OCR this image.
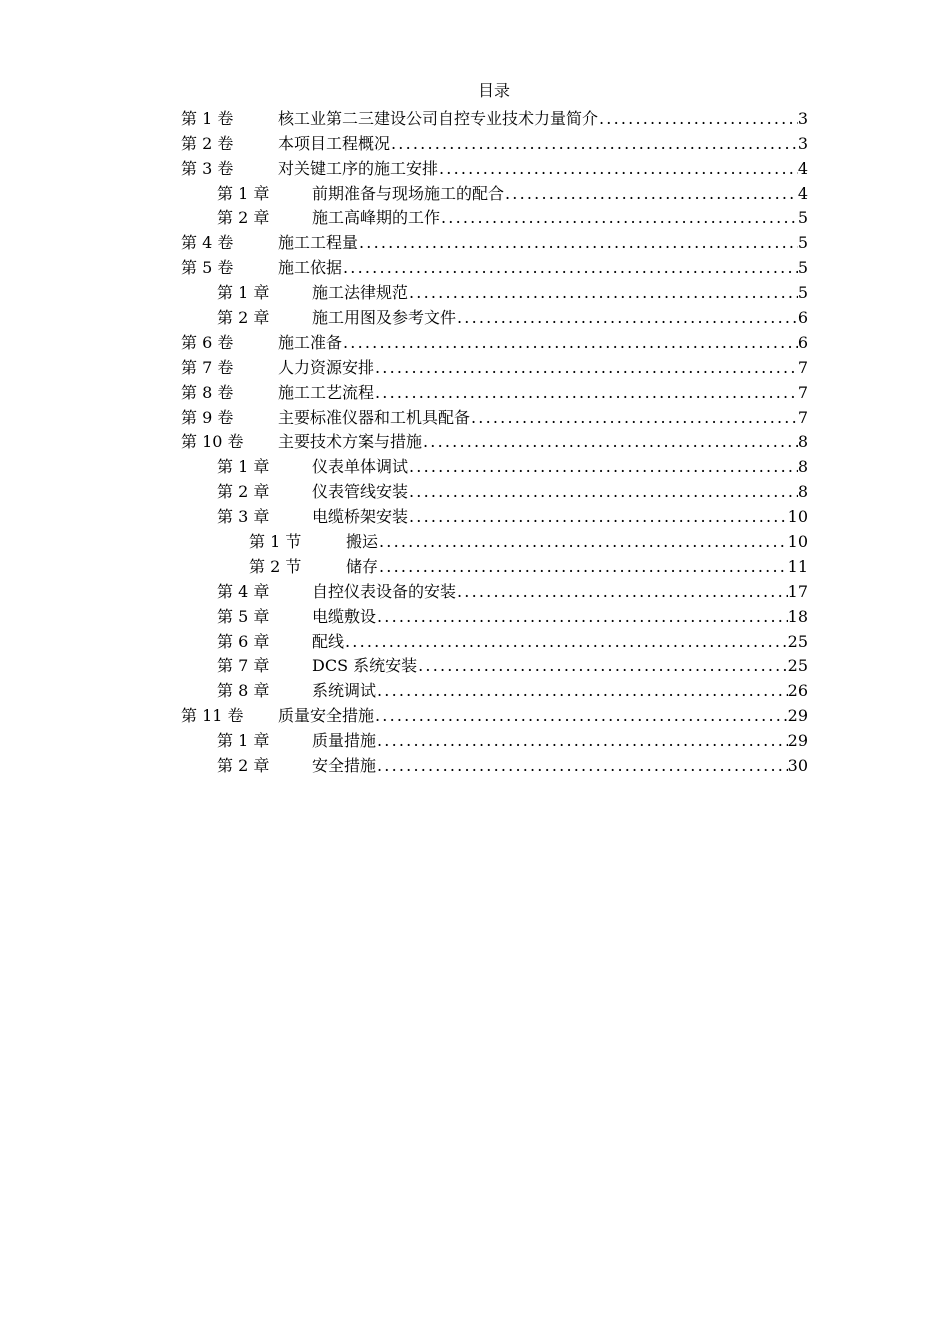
目录
第 1 卷	核工业第二三建设公司自控专业技术力量简介 .....	3
第 2 卷	本项目工程概况 .....	3
第 3 卷	对关键工序的施工安排 .....	4
第 1 章	前期准备与现场施工的配合 .....	4
第 2 章	施工高峰期的工作 .....	5
第 4 卷	施工工程量 .....	5
第 5 卷	施工依据 .....	5
第 1 章	施工法律规范 .....	5
第 2 章	施工用图及参考文件 .....	6
第 6 卷	施工准备 .....	6
第 7 卷	人力资源安排 .....	7
第 8 卷	施工工艺流程 .....	7
第 9 卷	主要标准仪器和工机具配备 .....	7
第 10 卷	主要技术方案与措施 .....	8
第 1 章	仪表单体调试 .....	8
第 2 章	仪表管线安装 .....	8
第 3 章	电缆桥架安装 .....	10
第 1 节	搬运 .....	10
第 2 节	储存 .....	11
第 4 章	自控仪表设备的安装 .....	17
第 5 章	电缆敷设 .....	18
第 6 章	配线 .....	25
第 7 章	DCS 系统安装 .....	25
第 8 章	系统调试 .....	26
第 11 卷	质量安全措施 .....	29
第 1 章	质量措施 .....	29
第 2 章	安全措施 .....	30
